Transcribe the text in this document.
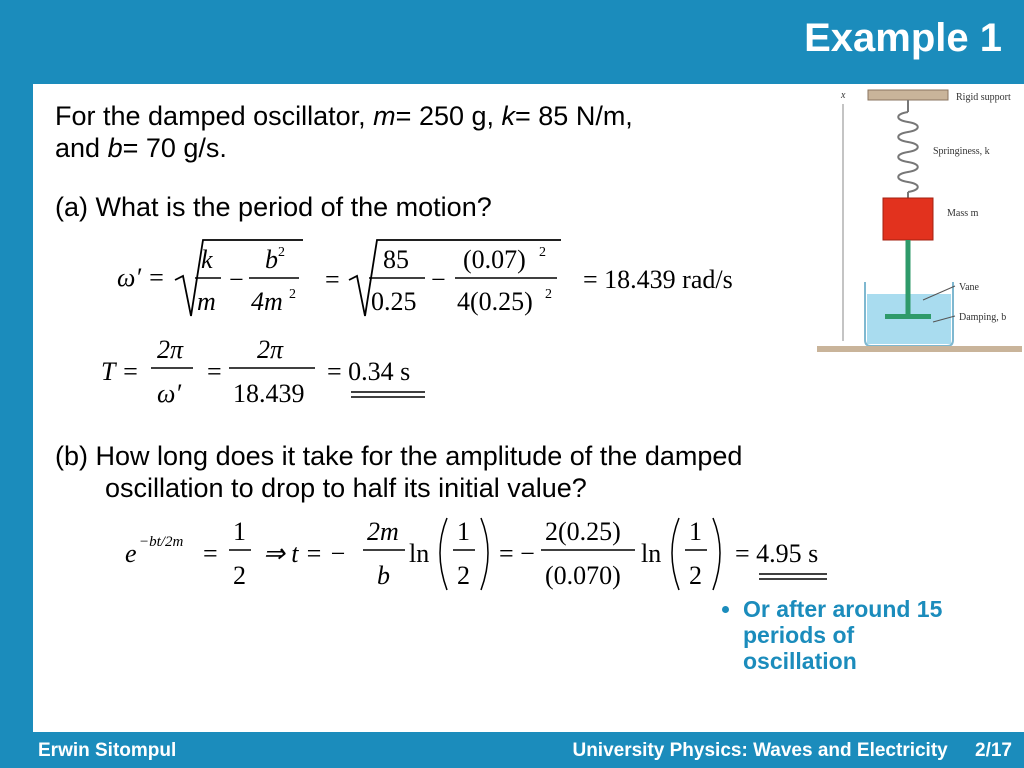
Example 1
For the damped oscillator, m= 250 g, k= 85 N/m,
and b= 70 g/s.
(a) What is the period of the motion?
ω′ =
k
m
−
b 2
4m 2
=
85
0.25
−
(0.07) 2
4(0.25) 2
= 18.439 rad/s
T =
2π
ω′
=
2π
18.439
= 0.34 s
(b) How long does it take for the amplitude of the damped
oscillation to drop to half its initial value?
e −bt/2m =
1
2
⇒ t = −
2m
b
ln
1
2
= −
2(0.25)
(0.070)
ln
1
2
= 4.95 s
x	Rigid support
Springiness, k
Mass m
Vane
Damping, b
• Or after around 15 periods of oscillation
Erwin Sitompul	University Physics: Waves and Electricity 2/17
